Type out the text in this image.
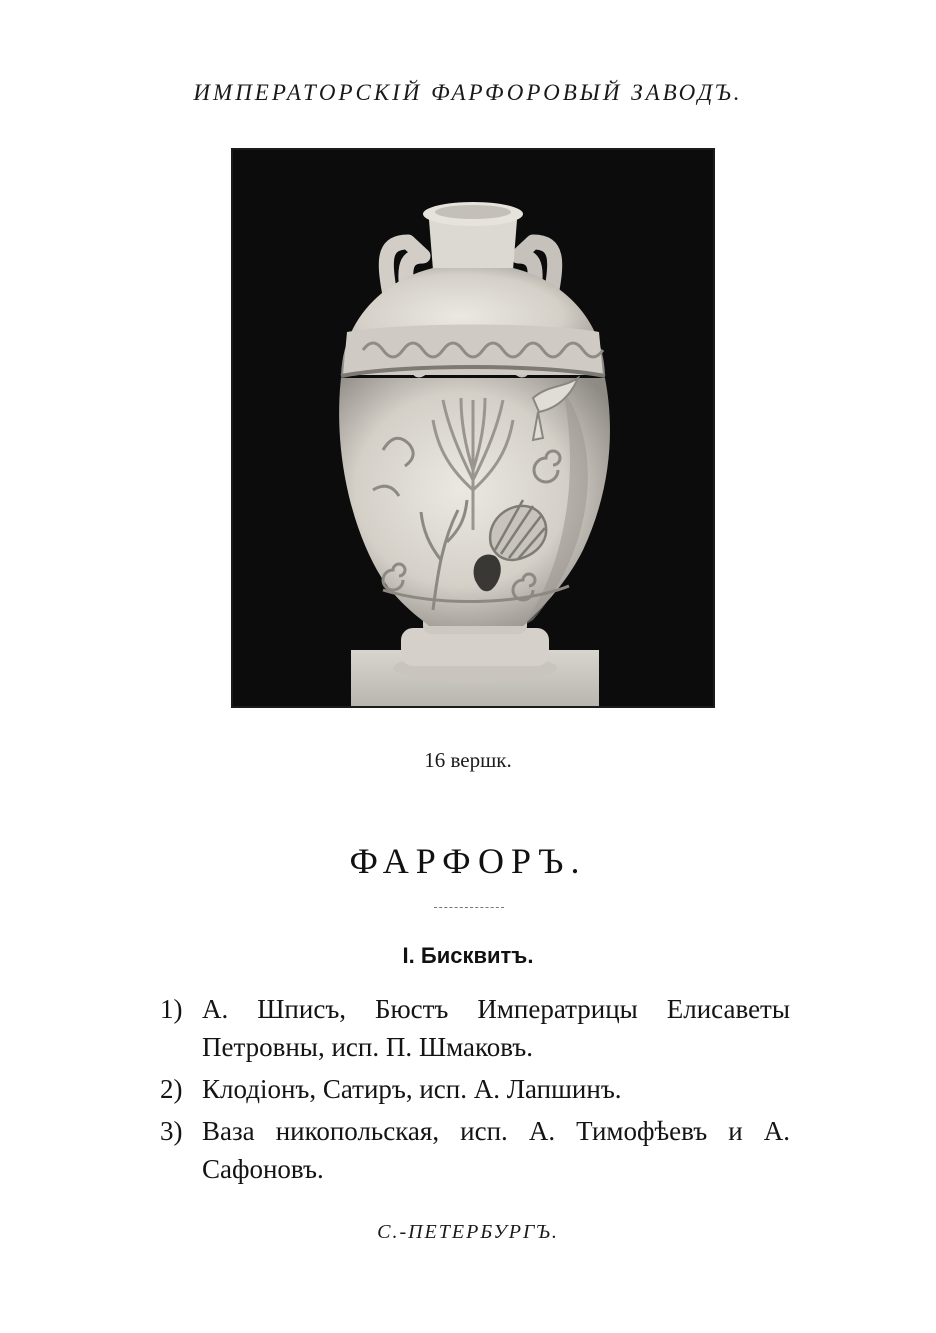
ИМПЕРАТОРСКІЙ ФАРФОРОВЫЙ ЗАВОДЪ.
16 вершк.
ФАРФОРЪ.
I. Бисквитъ.
1) А. Шписъ, Бюстъ Императрицы Елисаветы Петровны, исп. П. Шмаковъ.
2) Клодіонъ, Сатиръ, исп. А. Лапшинъ.
3) Ваза никопольская, исп. А. Тимофѣевъ и А. Сафоновъ.
С.-ПЕТЕРБУРГЪ.
